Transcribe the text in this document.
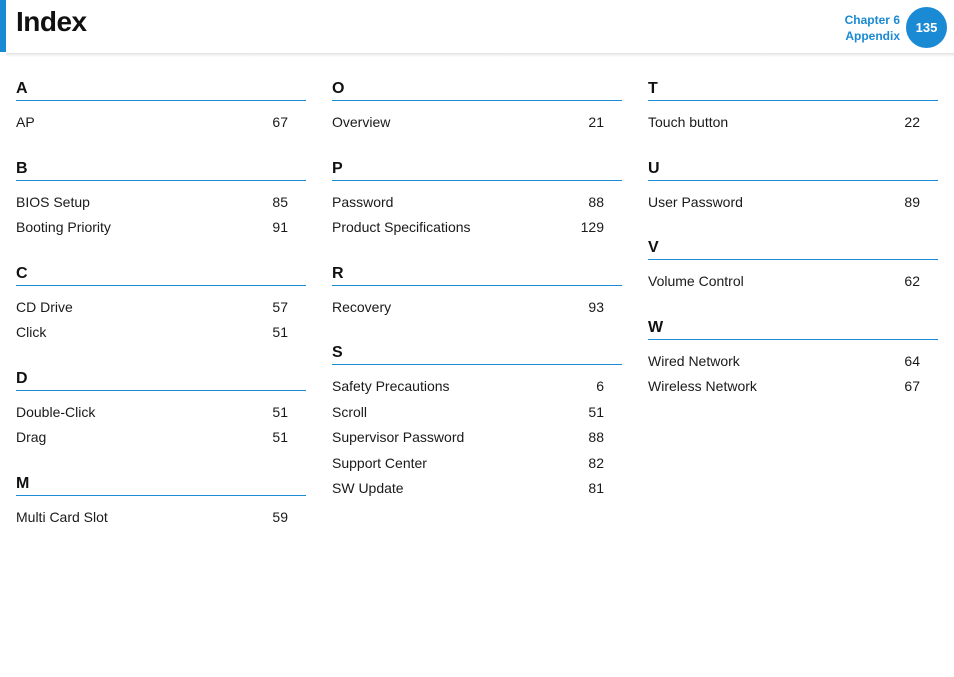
Index	Chapter 6
Appendix
135
A
AP	67
B
BIOS Setup	85
Booting Priority	91
C
CD Drive	57
Click	51
D
Double-Click	51
Drag	51
M
Multi Card Slot	59
O
Overview	21
P
Password	88
Product Specifications	129
R
Recovery	93
S
Safety Precautions	6
Scroll	51
Supervisor Password	88
Support Center	82
SW Update	81
T
Touch button	22
U
User Password	89
V
Volume Control	62
W
Wired Network	64
Wireless Network	67
